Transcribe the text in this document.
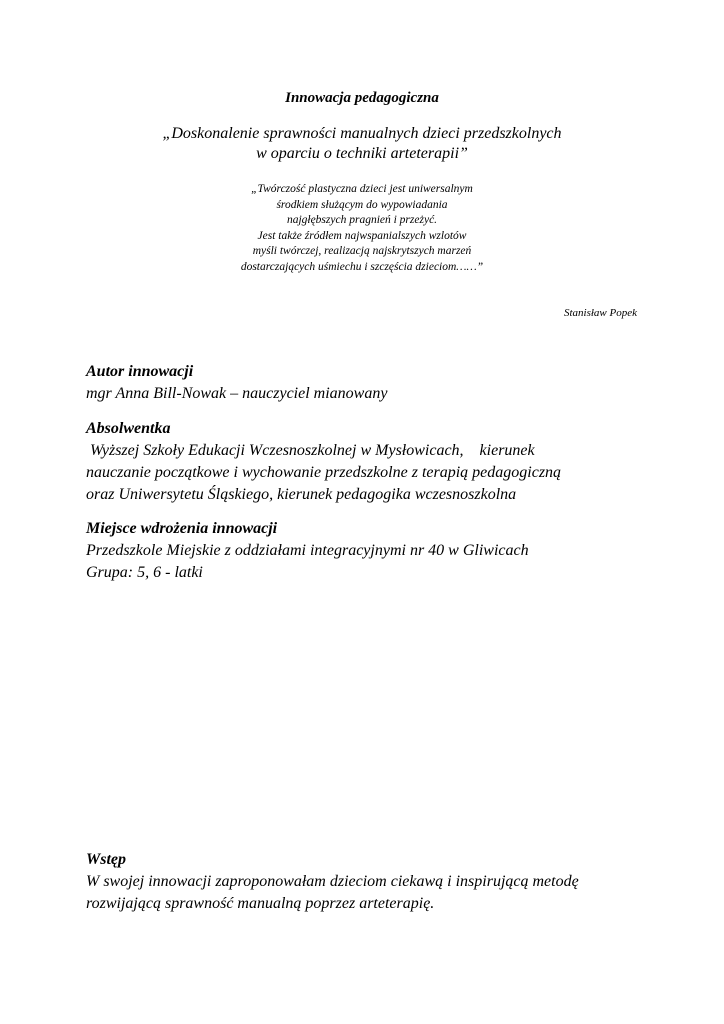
Innowacja pedagogiczna
„Doskonalenie sprawności manualnych dzieci przedszkolnych
w oparciu o techniki arteterapii”
„Twórczość plastyczna dzieci jest uniwersalnym
środkiem służącym do wypowiadania
najgłębszych pragnień i przeżyć.
Jest także źródłem najwspanialszych wzlotów
myśli twórczej, realizacją najskrytszych marzeń
dostarczających uśmiechu i szczęścia dzieciom……”
Stanisław Popek
Autor innowacji
mgr Anna Bill-Nowak – nauczyciel mianowany
Absolwentka
Wyższej Szkoły Edukacji Wczesnoszkolnej w Mysłowicach,    kierunek
nauczanie początkowe i wychowanie przedszkolne z terapią pedagogiczną
oraz Uniwersytetu Śląskiego, kierunek pedagogika wczesnoszkolna
Miejsce wdrożenia innowacji
Przedszkole Miejskie z oddziałami integracyjnymi nr 40 w Gliwicach
Grupa: 5, 6 - latki
Wstęp
W swojej innowacji zaproponowałam dzieciom ciekawą i inspirującą metodę
rozwijającą sprawność manualną poprzez arteterapię.
